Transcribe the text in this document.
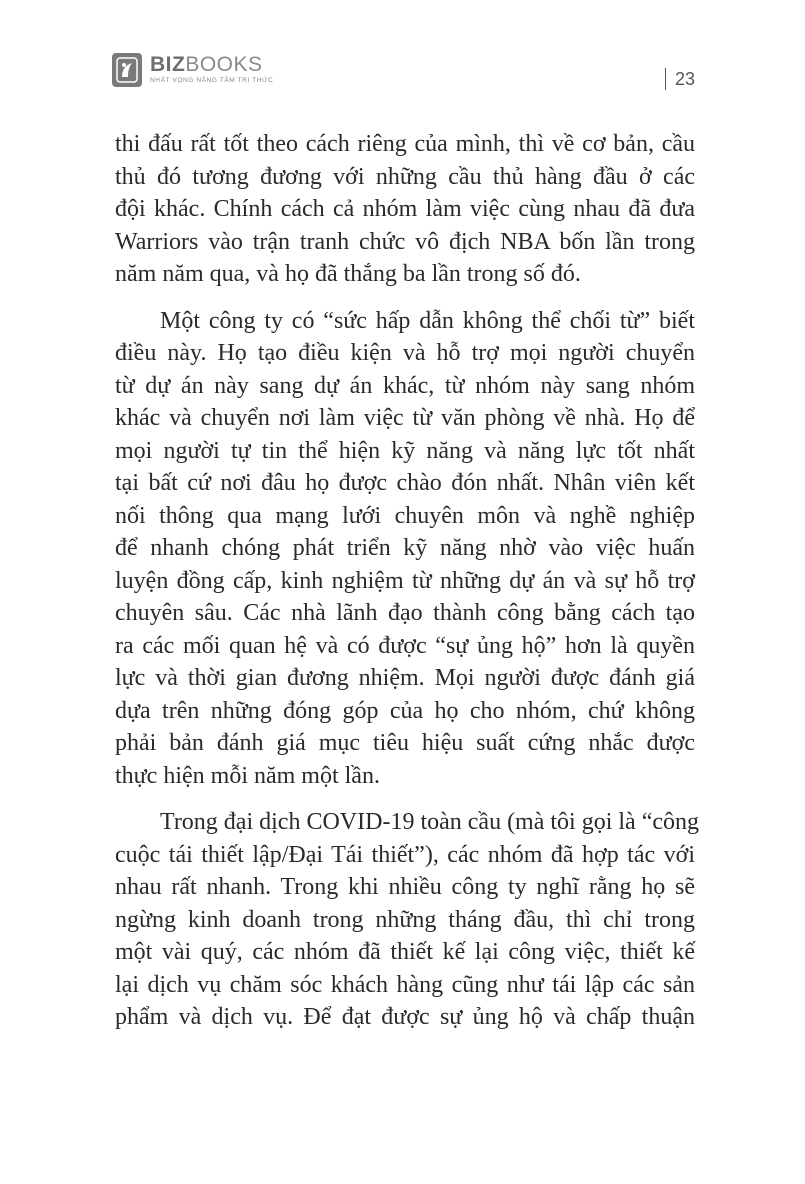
BIZBOOKS
NHẤT VỌNG NÂNG TẦM TRI THỨC	23
thi đấu rất tốt theo cách riêng của mình, thì về cơ bản, cầu
thủ đó tương đương với những cầu thủ hàng đầu ở các
đội khác. Chính cách cả nhóm làm việc cùng nhau đã đưa
Warriors vào trận tranh chức vô địch NBA bốn lần trong
năm năm qua, và họ đã thắng ba lần trong số đó.
Một công ty có “sức hấp dẫn không thể chối từ” biết
điều này. Họ tạo điều kiện và hỗ trợ mọi người chuyển
từ dự án này sang dự án khác, từ nhóm này sang nhóm
khác và chuyển nơi làm việc từ văn phòng về nhà. Họ để
mọi người tự tin thể hiện kỹ năng và năng lực tốt nhất
tại bất cứ nơi đâu họ được chào đón nhất. Nhân viên kết
nối thông qua mạng lưới chuyên môn và nghề nghiệp
để nhanh chóng phát triển kỹ năng nhờ vào việc huấn
luyện đồng cấp, kinh nghiệm từ những dự án và sự hỗ trợ
chuyên sâu. Các nhà lãnh đạo thành công bằng cách tạo
ra các mối quan hệ và có được “sự ủng hộ” hơn là quyền
lực và thời gian đương nhiệm. Mọi người được đánh giá
dựa trên những đóng góp của họ cho nhóm, chứ không
phải bản đánh giá mục tiêu hiệu suất cứng nhắc được
thực hiện mỗi năm một lần.
Trong đại dịch COVID-19 toàn cầu (mà tôi gọi là “công
cuộc tái thiết lập/Đại Tái thiết”), các nhóm đã hợp tác với
nhau rất nhanh. Trong khi nhiều công ty nghĩ rằng họ sẽ
ngừng kinh doanh trong những tháng đầu, thì chỉ trong
một vài quý, các nhóm đã thiết kế lại công việc, thiết kế
lại dịch vụ chăm sóc khách hàng cũng như tái lập các sản
phẩm và dịch vụ. Để đạt được sự ủng hộ và chấp thuận
